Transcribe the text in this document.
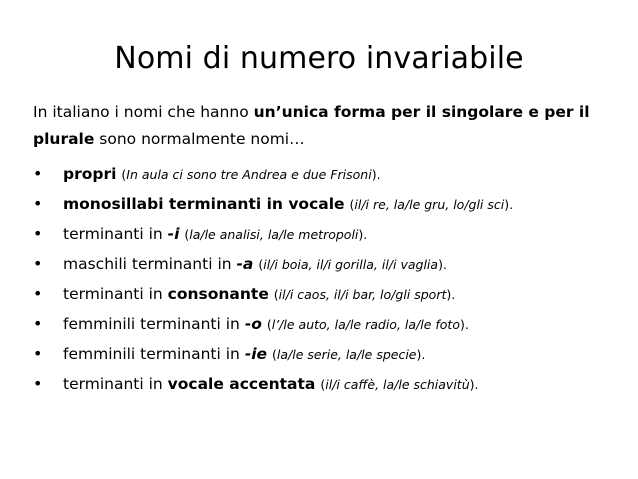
Nomi di numero invariabile
In italiano i nomi che hanno un’unica forma per il singolare e per il plurale sono normalmente nomi…
• propri (In aula ci sono tre Andrea e due Frisoni).
• monosillabi terminanti in vocale (il/i re, la/le gru, lo/gli sci).
• terminanti in -i (la/le analisi, la/le metropoli).
• maschili terminanti in -a (il/i boia, il/i gorilla, il/i vaglia).
• terminanti in consonante (il/i caos, il/i bar, lo/gli sport).
• femminili terminanti in -o (l’/le auto, la/le radio, la/le foto).
• femminili terminanti in -ie (la/le serie, la/le specie).
• terminanti in vocale accentata (il/i caffè, la/le schiavitù).
